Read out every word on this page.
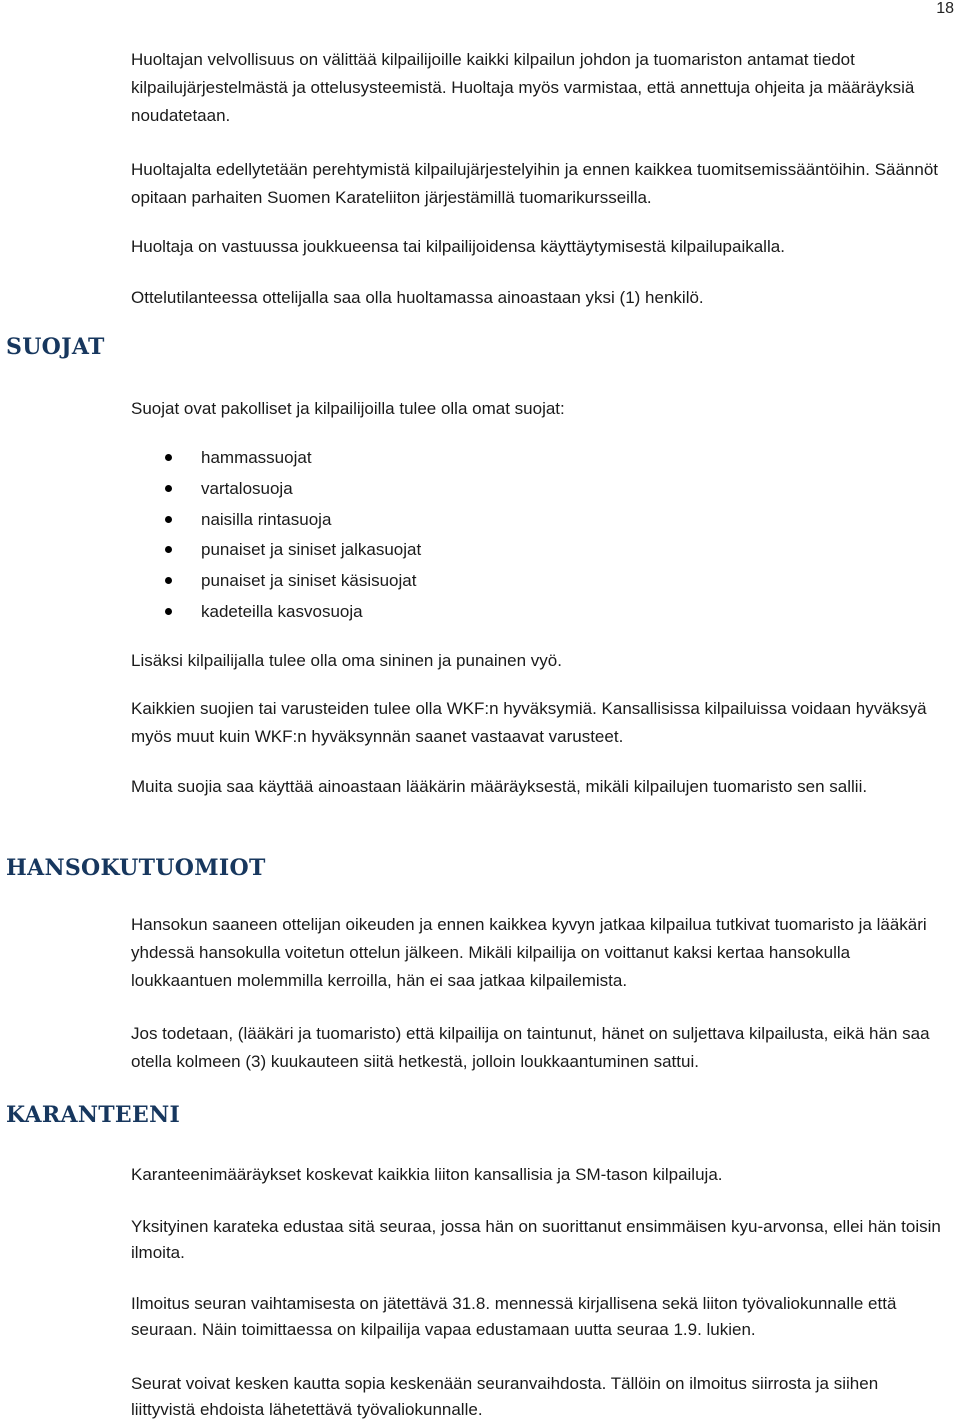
18

Huoltajan velvollisuus on välittää kilpailijoille kaikki kilpailun johdon ja tuomariston antamat tiedot kilpailujärjestelmästä ja ottelusysteemistä. Huoltaja myös varmistaa, että annettuja ohjeita ja määräyksiä noudatetaan.

Huoltajalta edellytetään perehtymistä kilpailujärjestelyihin ja ennen kaikkea tuomitsemissääntöihin. Säännöt opitaan parhaiten Suomen Karateliiton järjestämillä tuomarikursseilla.

Huoltaja on vastuussa joukkueensa tai kilpailijoidensa käyttäytymisestä kilpailupaikalla.

Ottelutilanteessa ottelijalla saa olla huoltamassa ainoastaan yksi (1) henkilö.

SUOJAT

Suojat ovat pakolliset ja kilpailijoilla tulee olla omat suojat:

hammassuojat
vartalosuoja
naisilla rintasuoja
punaiset ja siniset jalkasuojat
punaiset ja siniset käsisuojat
kadeteilla kasvosuoja

Lisäksi kilpailijalla tulee olla oma sininen ja punainen vyö.

Kaikkien suojien tai varusteiden tulee olla WKF:n hyväksymiä. Kansallisissa kilpailuissa voidaan hyväksyä myös muut kuin WKF:n hyväksynnän saanet vastaavat varusteet.

Muita suojia saa käyttää ainoastaan lääkärin määräyksestä, mikäli kilpailujen tuomaristo sen sallii.

HANSOKUTUOMIOT

Hansokun saaneen ottelijan oikeuden ja ennen kaikkea kyvyn jatkaa kilpailua tutkivat tuomaristo ja lääkäri yhdessä hansokulla voitetun ottelun jälkeen. Mikäli kilpailija on voittanut kaksi kertaa hansokulla loukkaantuen molemmilla kerroilla, hän ei saa jatkaa kilpailemista.

Jos todetaan, (lääkäri ja tuomaristo) että kilpailija on taintunut, hänet on suljettava kilpailusta, eikä hän saa otella kolmeen (3) kuukauteen siitä hetkestä, jolloin loukkaantuminen sattui.

KARANTEENI

Karanteenimääräykset koskevat kaikkia liiton kansallisia ja SM-tason kilpailuja.

Yksityinen karateka edustaa sitä seuraa, jossa hän on suorittanut ensimmäisen kyu-arvonsa, ellei hän toisin ilmoita.

Ilmoitus seuran vaihtamisesta on jätettävä 31.8. mennessä kirjallisena sekä liiton työvaliokunnalle että seuraan. Näin toimittaessa on kilpailija vapaa edustamaan uutta seuraa 1.9. lukien.

Seurat voivat kesken kautta sopia keskenään seuranvaihdosta. Tällöin on ilmoitus siirrosta ja siihen liittyvistä ehdoista lähetettävä työvaliokunnalle.
